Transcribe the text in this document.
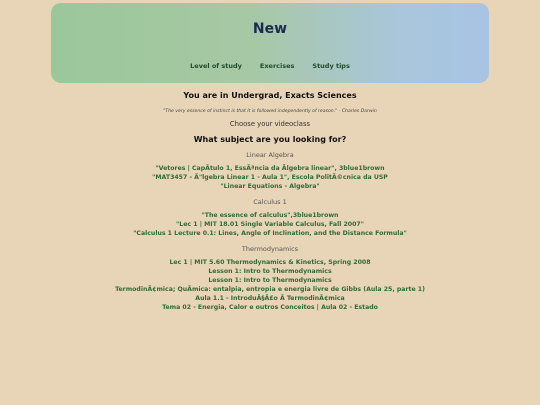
New
Level of study	Exercises	Study tips
You are in Undergrad, Exacts Sciences
"The very essence of instinct is that it is followed independently of reason." - Charles Darwin
Choose your videoclass
What subject are you looking for?
Linear Algebra
"Vetores | CapÃtulo 1, EssÃªncia da Ãlgebra linear", 3blue1brown
"MAT3457 - Ã"lgebra Linear 1 - Aula 1", Escola PolitÃ©cnica da USP
"Linear Equations - Algebra"
Calculus 1
"The essence of calculus",3blue1brown
"Lec 1 | MIT 18.01 Single Variable Calculus, Fall 2007"
"Calculus 1 Lecture 0.1: Lines, Angle of Inclination, and the Distance Formula"
Thermodynamics
Lec 1 | MIT 5.60 Thermodynamics & Kinetics, Spring 2008
Lesson 1: Intro to Thermodynamics
Lesson 1: Intro to Thermodynamics
TermodinÃ¢mica; QuÃmica: entalpia, entropia e energia livre de Gibbs (Aula 25, parte 1)
Aula 1.1 - IntroduÃ§Ã£o Ã TermodinÃ¢mica
Tema 02 - Energia, Calor e outros Conceitos | Aula 02 - Estado
